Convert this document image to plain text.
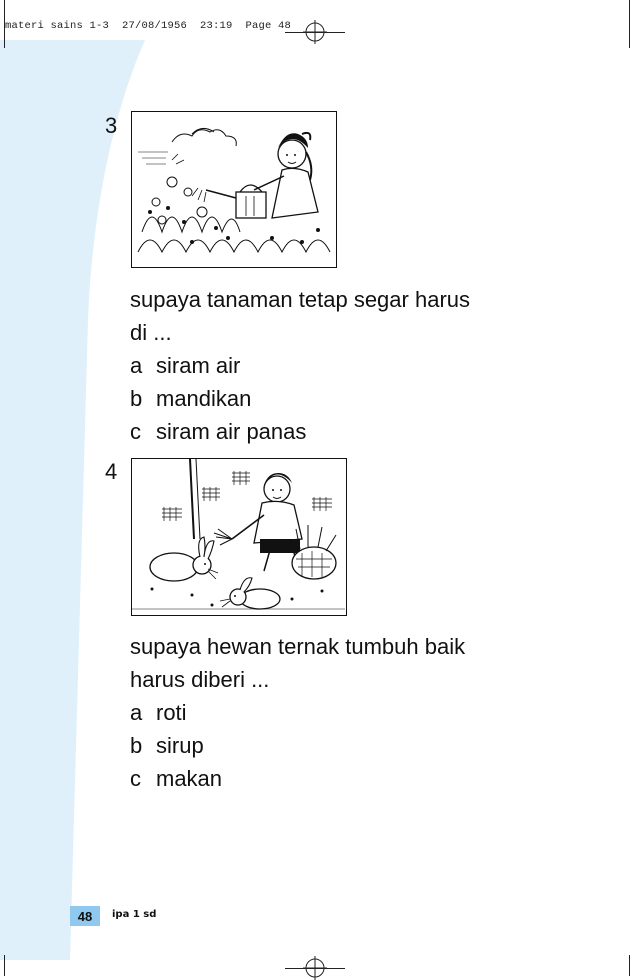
materi sains 1-3  27/08/1956  23:19  Page 48
3
supaya tanaman tetap segar harus
di ...
a siram air
b mandikan
c siram air panas
4
supaya hewan ternak tumbuh baik
harus diberi ...
a roti
b sirup
c makan
48	ipa 1 sd
